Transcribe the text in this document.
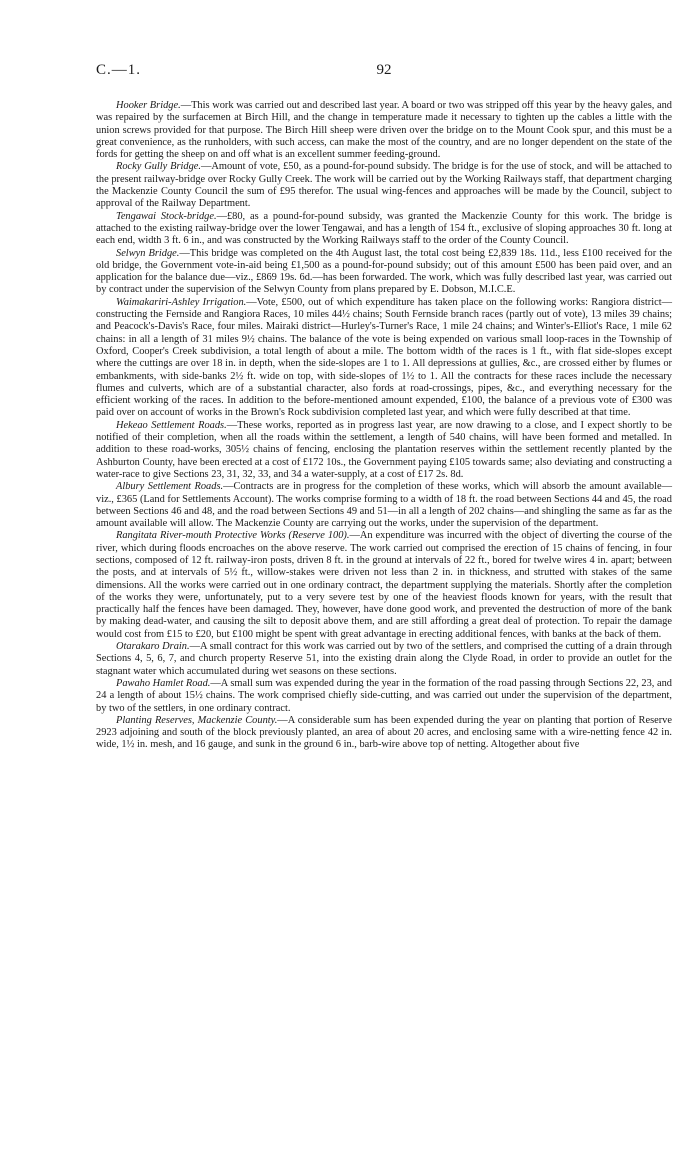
C.—1.	92

Hooker Bridge.—This work was carried out and described last year. A board or two was stripped off this year by the heavy gales, and was repaired by the surfacemen at Birch Hill, and the change in temperature made it necessary to tighten up the cables a little with the union screws provided for that purpose. The Birch Hill sheep were driven over the bridge on to the Mount Cook spur, and this must be a great convenience, as the runholders, with such access, can make the most of the country, and are no longer dependent on the state of the fords for getting the sheep on and off what is an excellent summer feeding-ground.

Rocky Gully Bridge.—Amount of vote, £50, as a pound-for-pound subsidy. The bridge is for the use of stock, and will be attached to the present railway-bridge over Rocky Gully Creek. The work will be carried out by the Working Railways staff, that department charging the Mackenzie County Council the sum of £95 therefor. The usual wing-fences and approaches will be made by the Council, subject to approval of the Railway Department.

Tengawai Stock-bridge.—£80, as a pound-for-pound subsidy, was granted the Mackenzie County for this work. The bridge is attached to the existing railway-bridge over the lower Tengawai, and has a length of 154 ft., exclusive of sloping approaches 30 ft. long at each end, width 3 ft. 6 in., and was constructed by the Working Railways staff to the order of the County Council.

Selwyn Bridge.—This bridge was completed on the 4th August last, the total cost being £2,839 18s. 11d., less £100 received for the old bridge, the Government vote-in-aid being £1,500 as a pound-for-pound subsidy; out of this amount £500 has been paid over, and an application for the balance due—viz., £869 19s. 6d.—has been forwarded. The work, which was fully described last year, was carried out by contract under the supervision of the Selwyn County from plans prepared by E. Dobson, M.I.C.E.

Waimakariri-Ashley Irrigation.—Vote, £500, out of which expenditure has taken place on the following works: Rangiora district—constructing the Fernside and Rangiora Races, 10 miles 44½ chains; South Fernside branch races (partly out of vote), 13 miles 39 chains; and Peacock's-Davis's Race, four miles. Mairaki district—Hurley's-Turner's Race, 1 mile 24 chains; and Winter's-Elliot's Race, 1 mile 62 chains: in all a length of 31 miles 9½ chains. The balance of the vote is being expended on various small loop-races in the Township of Oxford, Cooper's Creek subdivision, a total length of about a mile. The bottom width of the races is 1 ft., with flat side-slopes except where the cuttings are over 18 in. in depth, when the side-slopes are 1 to 1. All depressions at gullies, &c., are crossed either by flumes or embankments, with side-banks 2½ ft. wide on top, with side-slopes of 1½ to 1. All the contracts for these races include the necessary flumes and culverts, which are of a substantial character, also fords at road-crossings, pipes, &c., and everything necessary for the efficient working of the races. In addition to the before-mentioned amount expended, £100, the balance of a previous vote of £300 was paid over on account of works in the Brown's Rock subdivision completed last year, and which were fully described at that time.

Hekeao Settlement Roads.—These works, reported as in progress last year, are now drawing to a close, and I expect shortly to be notified of their completion, when all the roads within the settlement, a length of 540 chains, will have been formed and metalled. In addition to these road-works, 305½ chains of fencing, enclosing the plantation reserves within the settlement recently planted by the Ashburton County, have been erected at a cost of £172 10s., the Government paying £105 towards same; also deviating and constructing a water-race to give Sections 23, 31, 32, 33, and 34 a water-supply, at a cost of £17 2s. 8d.

Albury Settlement Roads.—Contracts are in progress for the completion of these works, which will absorb the amount available—viz., £365 (Land for Settlements Account). The works comprise forming to a width of 18 ft. the road between Sections 44 and 45, the road between Sections 46 and 48, and the road between Sections 49 and 51—in all a length of 202 chains—and shingling the same as far as the amount available will allow. The Mackenzie County are carrying out the works, under the supervision of the department.

Rangitata River-mouth Protective Works (Reserve 100).—An expenditure was incurred with the object of diverting the course of the river, which during floods encroaches on the above reserve. The work carried out comprised the erection of 15 chains of fencing, in four sections, composed of 12 ft. railway-iron posts, driven 8 ft. in the ground at intervals of 22 ft., bored for twelve wires 4 in. apart; between the posts, and at intervals of 5½ ft., willow-stakes were driven not less than 2 in. in thickness, and strutted with stakes of the same dimensions. All the works were carried out in one ordinary contract, the department supplying the materials. Shortly after the completion of the works they were, unfortunately, put to a very severe test by one of the heaviest floods known for years, with the result that practically half the fences have been damaged. They, however, have done good work, and prevented the destruction of more of the bank by making dead-water, and causing the silt to deposit above them, and are still affording a great deal of protection. To repair the damage would cost from £15 to £20, but £100 might be spent with great advantage in erecting additional fences, with banks at the back of them.

Otarakaro Drain.—A small contract for this work was carried out by two of the settlers, and comprised the cutting of a drain through Sections 4, 5, 6, 7, and church property Reserve 51, into the existing drain along the Clyde Road, in order to provide an outlet for the stagnant water which accumulated during wet seasons on these sections.

Pawaho Hamlet Road.—A small sum was expended during the year in the formation of the road passing through Sections 22, 23, and 24 a length of about 15½ chains. The work comprised chiefly side-cutting, and was carried out under the supervision of the department, by two of the settlers, in one ordinary contract.

Planting Reserves, Mackenzie County.—A considerable sum has been expended during the year on planting that portion of Reserve 2923 adjoining and south of the block previously planted, an area of about 20 acres, and enclosing same with a wire-netting fence 42 in. wide, 1½ in. mesh, and 16 gauge, and sunk in the ground 6 in., barb-wire above top of netting. Altogether about five
